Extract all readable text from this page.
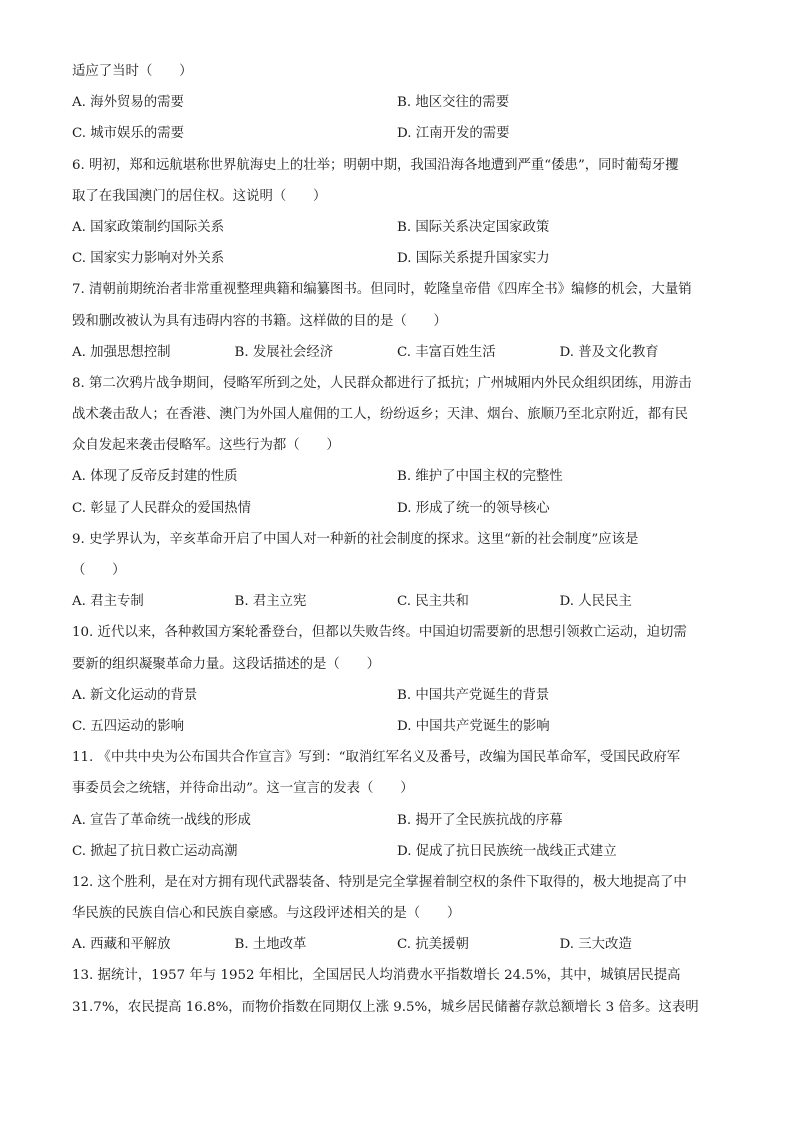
适应了当时（　　）
A. 海外贸易的需要	B. 地区交往的需要
C. 城市娱乐的需要	D. 江南开发的需要
6. 明初，郑和远航堪称世界航海史上的壮举；明朝中期，我国沿海各地遭到严重“倭患”，同时葡萄牙攫
取了在我国澳门的居住权。这说明（　　）
A. 国家政策制约国际关系	B. 国际关系决定国家政策
C. 国家实力影响对外关系	D. 国际关系提升国家实力
7. 清朝前期统治者非常重视整理典籍和编纂图书。但同时，乾隆皇帝借《四库全书》编修的机会，大量销
毁和删改被认为具有违碍内容的书籍。这样做的目的是（　　）
A. 加强思想控制	B. 发展社会经济	C. 丰富百姓生活	D. 普及文化教育
8. 第二次鸦片战争期间，侵略军所到之处，人民群众都进行了抵抗；广州城厢内外民众组织团练，用游击
战术袭击敌人；在香港、澳门为外国人雇佣的工人，纷纷返乡；天津、烟台、旅顺乃至北京附近，都有民
众自发起来袭击侵略军。这些行为都（　　）
A. 体现了反帝反封建的性质	B. 维护了中国主权的完整性
C. 彰显了人民群众的爱国热情	D. 形成了统一的领导核心
9. 史学界认为，辛亥革命开启了中国人对一种新的社会制度的探求。这里“新的社会制度”应该是
（　　）
A. 君主专制	B. 君主立宪	C. 民主共和	D. 人民民主
10. 近代以来，各种救国方案轮番登台，但都以失败告终。中国迫切需要新的思想引领救亡运动，迫切需
要新的组织凝聚革命力量。这段话描述的是（　　）
A. 新文化运动的背景	B. 中国共产党诞生的背景
C. 五四运动的影响	D. 中国共产党诞生的影响
11. 《中共中央为公布国共合作宣言》写到：“取消红军名义及番号，改编为国民革命军，受国民政府军
事委员会之统辖，并待命出动”。这一宣言的发表（　　）
A. 宣告了革命统一战线的形成	B. 揭开了全民族抗战的序幕
C. 掀起了抗日救亡运动高潮	D. 促成了抗日民族统一战线正式建立
12. 这个胜利，是在对方拥有现代武器装备、特别是完全掌握着制空权的条件下取得的，极大地提高了中
华民族的民族自信心和民族自豪感。与这段评述相关的是（　　）
A. 西藏和平解放	B. 土地改革	C. 抗美援朝	D. 三大改造
13. 据统计，1957 年与 1952 年相比，全国居民人均消费水平指数增长 24.5%，其中，城镇居民提高
31.7%，农民提高 16.8%，而物价指数在同期仅上涨 9.5%，城乡居民储蓄存款总额增长 3 倍多。这表明
